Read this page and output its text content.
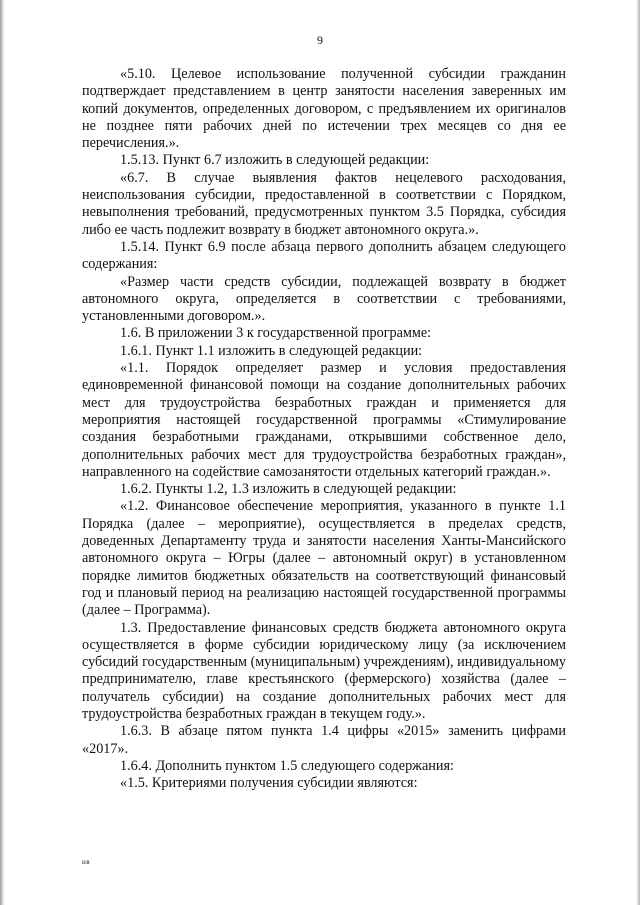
9

«5.10. Целевое использование полученной субсидии гражданин подтверждает представлением в центр занятости населения заверенных им копий документов, определенных договором, с предъявлением их оригиналов не позднее пяти рабочих дней по истечении трех месяцев со дня ее перечисления.».

1.5.13. Пункт 6.7 изложить в следующей редакции:

«6.7. В случае выявления фактов нецелевого расходования, неиспользования субсидии, предоставленной в соответствии с Порядком, невыполнения требований, предусмотренных пунктом 3.5 Порядка, субсидия либо ее часть подлежит возврату в бюджет автономного округа.».

1.5.14. Пункт 6.9 после абзаца первого дополнить абзацем следующего содержания:

«Размер части средств субсидии, подлежащей возврату в бюджет автономного округа, определяется в соответствии с требованиями, установленными договором.».

1.6. В приложении 3 к государственной программе:

1.6.1. Пункт 1.1 изложить в следующей редакции:

«1.1. Порядок определяет размер и условия предоставления единовременной финансовой помощи на создание дополнительных рабочих мест для трудоустройства безработных граждан и применяется для мероприятия настоящей государственной программы «Стимулирование создания безработными гражданами, открывшими собственное дело, дополнительных рабочих мест для трудоустройства безработных граждан», направленного на содействие самозанятости отдельных категорий граждан.».

1.6.2. Пункты 1.2, 1.3 изложить в следующей редакции:

«1.2. Финансовое обеспечение мероприятия, указанного в пункте 1.1 Порядка (далее – мероприятие), осуществляется в пределах средств, доведенных Департаменту труда и занятости населения Ханты-Мансийского автономного округа – Югры (далее – автономный округ) в установленном порядке лимитов бюджетных обязательств на соответствующий финансовый год и плановый период на реализацию настоящей государственной программы (далее – Программа).

1.3. Предоставление финансовых средств бюджета автономного округа осуществляется в форме субсидии юридическому лицу (за исключением субсидий государственным (муниципальным) учреждениям), индивидуальному предпринимателю, главе крестьянского (фермерского) хозяйства (далее – получатель субсидии) на создание дополнительных рабочих мест для трудоустройства безработных граждан в текущем году.».

1.6.3. В абзаце пятом пункта 1.4 цифры «2015» заменить цифрами «2017».

1.6.4. Дополнить пунктом 1.5 следующего содержания:

«1.5. Критериями получения субсидии являются:

нв
